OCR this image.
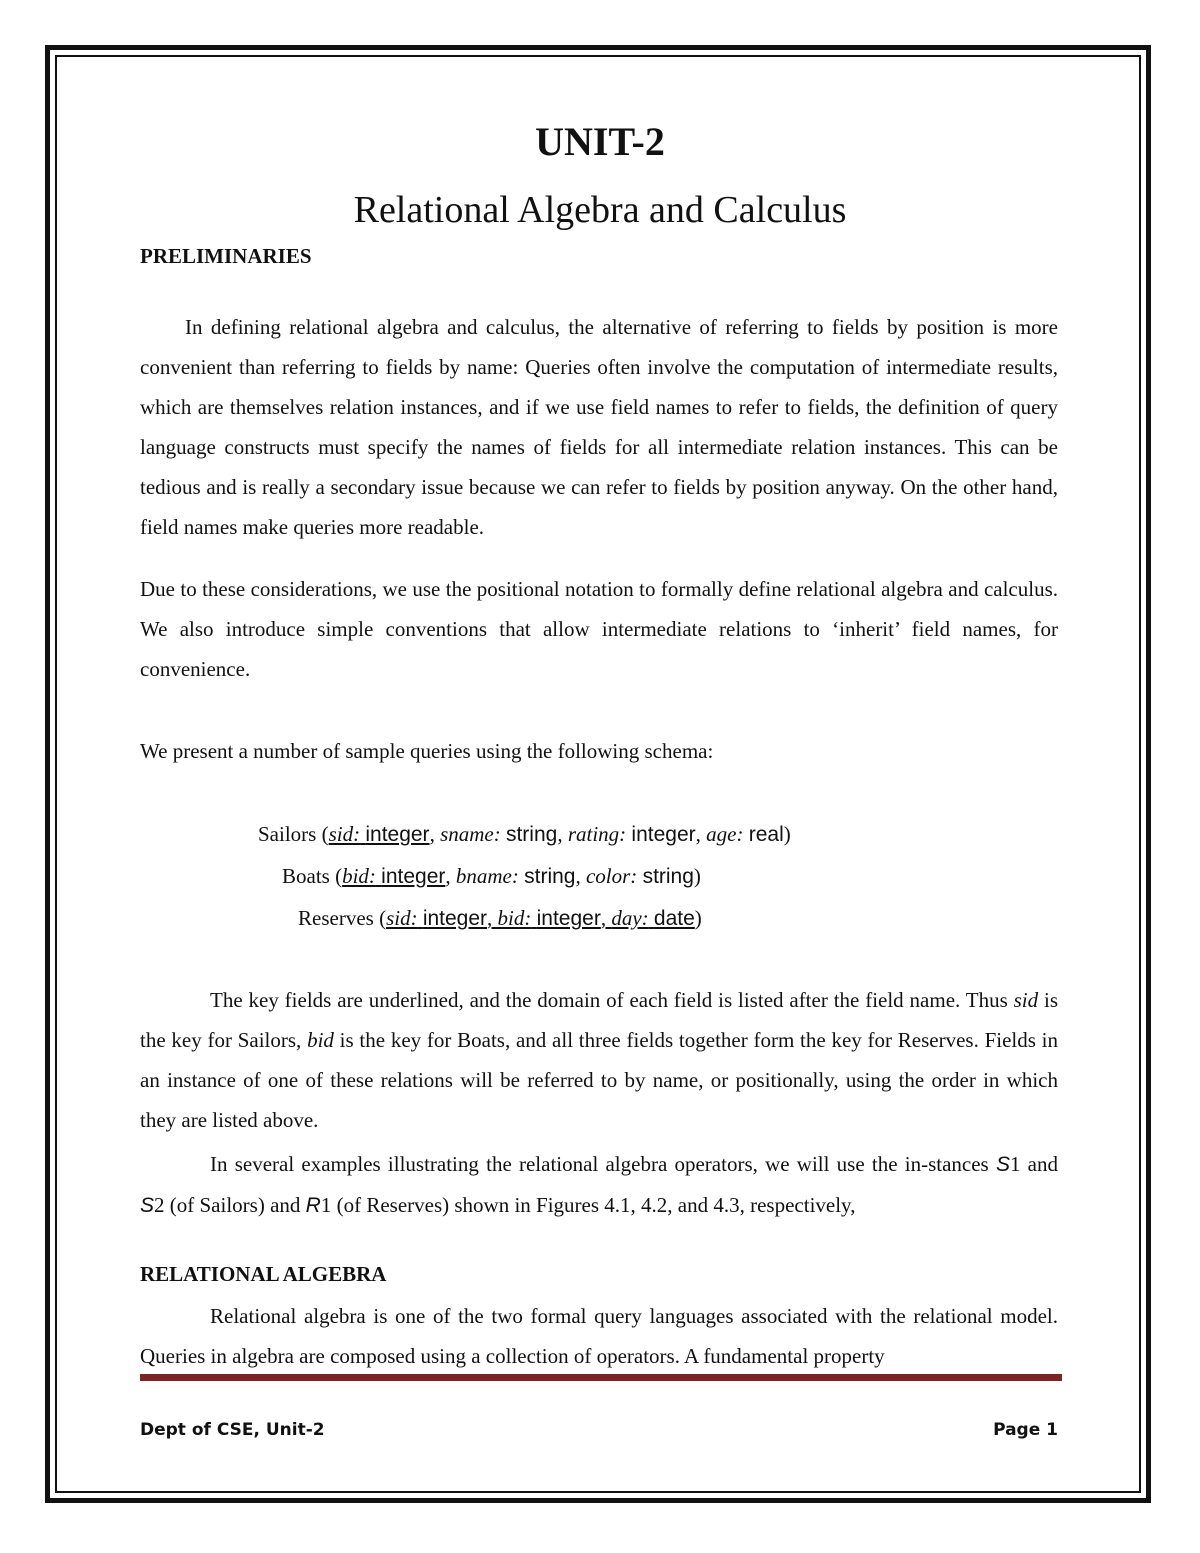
UNIT-2
Relational Algebra and Calculus
PRELIMINARIES

In defining relational algebra and calculus, the alternative of referring to fields by position is more convenient than referring to fields by name: Queries often involve the computation of intermediate results, which are themselves relation instances, and if we use field names to refer to fields, the definition of query language constructs must specify the names of fields for all intermediate relation instances. This can be tedious and is really a secondary issue because we can refer to fields by position anyway. On the other hand, field names make queries more readable.

Due to these considerations, we use the positional notation to formally define relational algebra and calculus. We also introduce simple conventions that allow intermediate relations to ‘inherit’ field names, for convenience.

We present a number of sample queries using the following schema:

Sailors (sid: integer, sname: string, rating: integer, age: real)
Boats (bid: integer, bname: string, color: string)
Reserves (sid: integer, bid: integer, day: date)

The key fields are underlined, and the domain of each field is listed after the field name. Thus sid is the key for Sailors, bid is the key for Boats, and all three fields together form the key for Reserves. Fields in an instance of one of these relations will be referred to by name, or positionally, using the order in which they are listed above.

In several examples illustrating the relational algebra operators, we will use the in-stances S1 and S2 (of Sailors) and R1 (of Reserves) shown in Figures 4.1, 4.2, and 4.3, respectively,

RELATIONAL ALGEBRA

Relational algebra is one of the two formal query languages associated with the relational model. Queries in algebra are composed using a collection of operators. A fundamental property

Dept of CSE, Unit-2	Page 1
